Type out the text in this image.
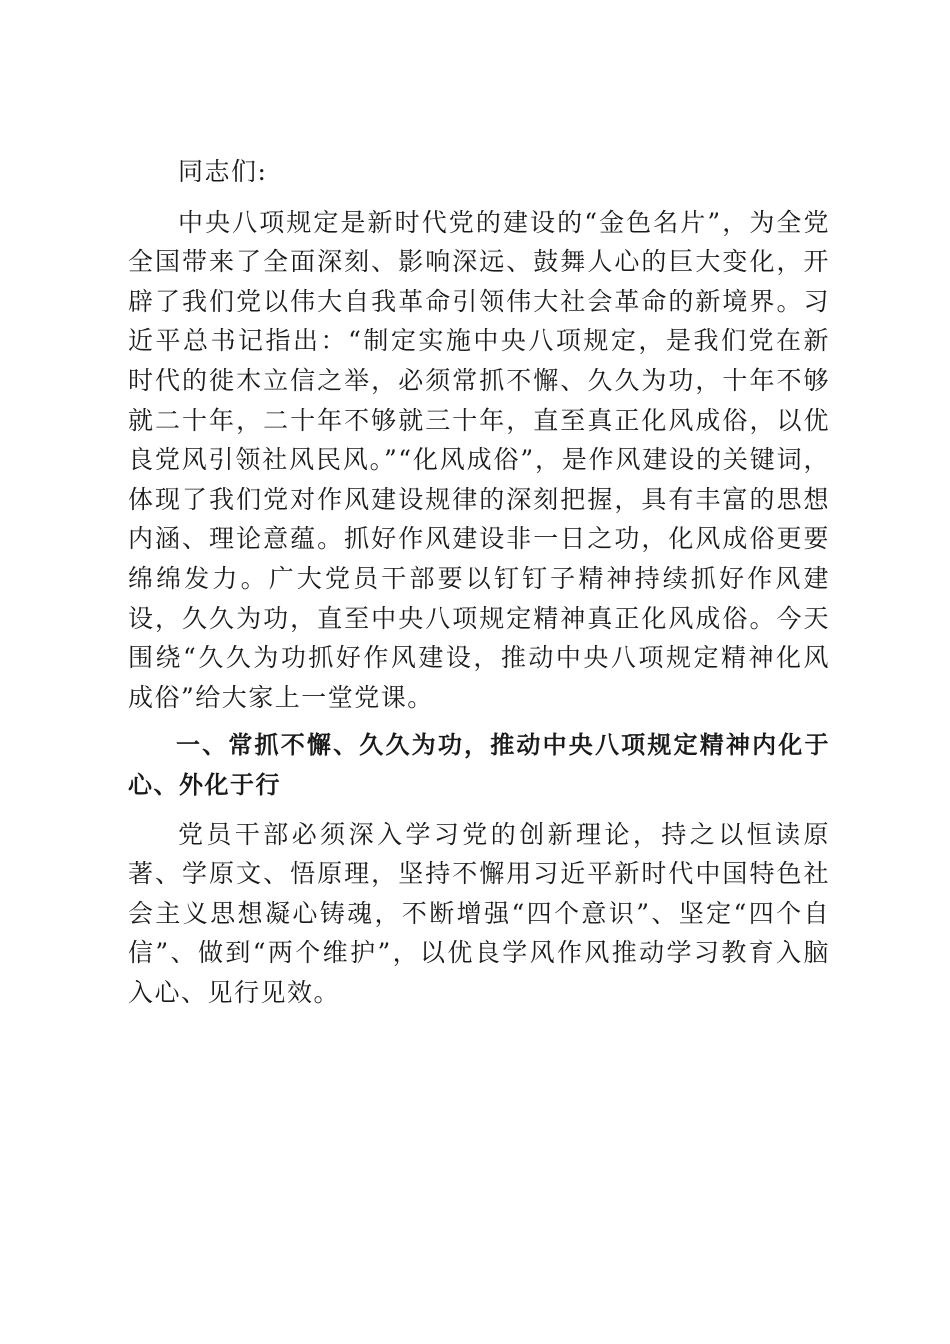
同志们:

中央八项规定是新时代党的建设的“金色名片”，为全党全国带来了全面深刻、影响深远、鼓舞人心的巨大变化，开辟了我们党以伟大自我革命引领伟大社会革命的新境界。习近平总书记指出：“制定实施中央八项规定，是我们党在新时代的徙木立信之举，必须常抓不懈、久久为功，十年不够就二十年，二十年不够就三十年，直至真正化风成俗，以优良党风引领社风民风。”“化风成俗”，是作风建设的关键词，体现了我们党对作风建设规律的深刻把握，具有丰富的思想内涵、理论意蕴。抓好作风建设非一日之功，化风成俗更要绵绵发力。广大党员干部要以钉钉子精神持续抓好作风建设，久久为功，直至中央八项规定精神真正化风成俗。今天围绕“久久为功抓好作风建设，推动中央八项规定精神化风成俗”给大家上一堂党课。

一、常抓不懈、久久为功，推动中央八项规定精神内化于心、外化于行

党员干部必须深入学习党的创新理论，持之以恒读原著、学原文、悟原理，坚持不懈用习近平新时代中国特色社会主义思想凝心铸魂，不断增强“四个意识”、坚定“四个自信”、做到“两个维护”，以优良学风作风推动学习教育入脑入心、见行见效。
